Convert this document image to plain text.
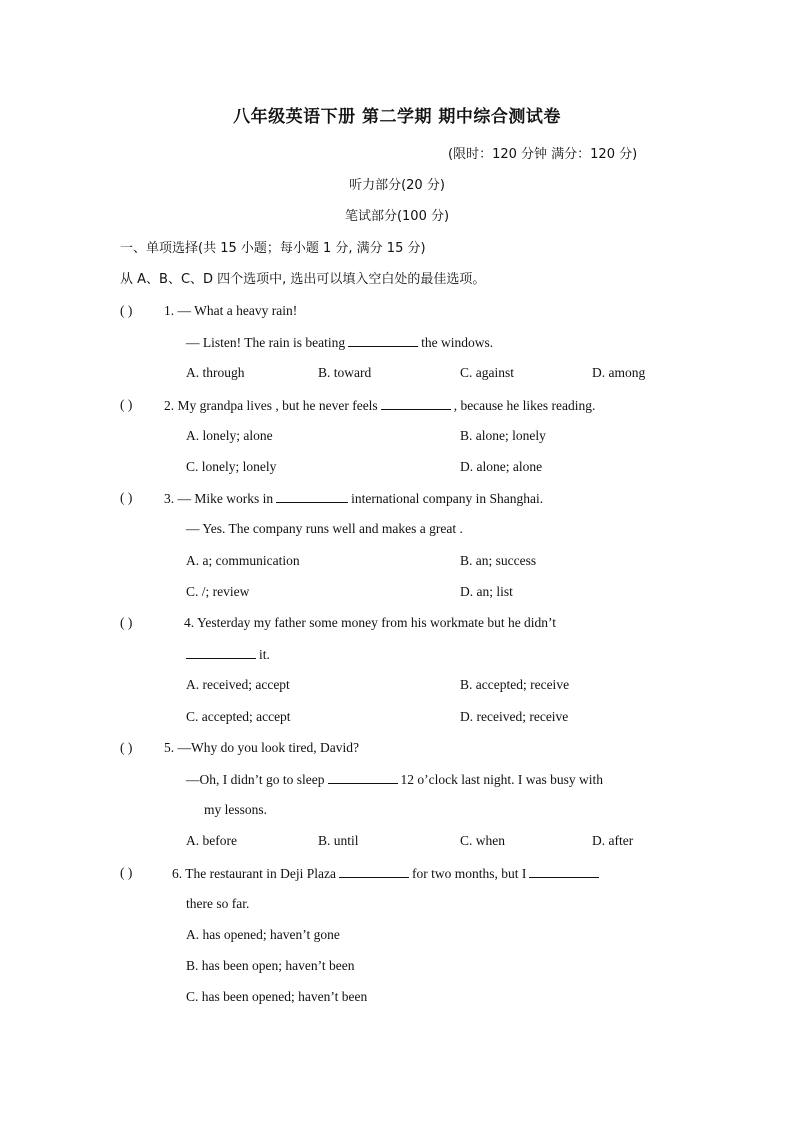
八年级英语下册 第二学期 期中综合测试卷
(限时：120 分钟 满分：120 分)
听力部分(20 分)
笔试部分(100 分)
一、单项选择(共 15 小题；每小题 1 分, 满分 15 分)
从 A、B、C、D 四个选项中, 选出可以填入空白处的最佳选项。
( ) 1. — What a heavy rain!
— Listen! The rain is beating	the windows.
A. through	B. toward	C. against	D. among
( ) 2. My grandpa lives , but he never feels	, because he likes reading.
A. lonely; alone	B. alone; lonely
C. lonely; lonely	D. alone; alone
( ) 3. — Mike works in	international company in Shanghai.
— Yes. The company runs well and makes a great .
A. a; communication	B. an; success
C. /; review	D. an; list
( )	4. Yesterday my father some money from his workmate but he didn’t
it.
A. received; accept	B. accepted; receive
C. accepted; accept	D. received; receive
( ) 5. —Why do you look tired, David?
—Oh, I didn’t go to sleep	12 o’clock last night. I was busy with
my lessons.
A. before	B. until	C. when	D. after
( )	6. The restaurant in Deji Plaza	for two months, but I
there so far.
A. has opened; haven’t gone
B. has been open; haven’t been
C. has been opened; haven’t been
